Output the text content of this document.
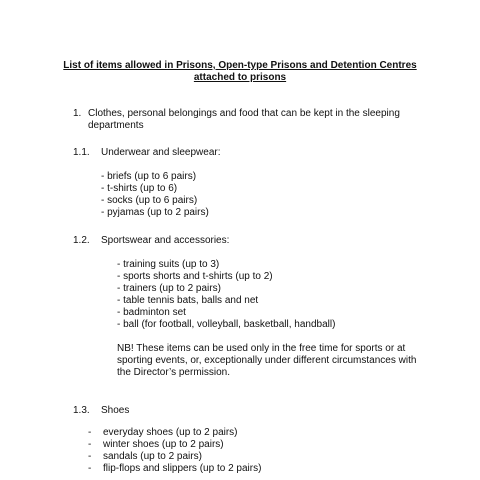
List of items allowed in Prisons, Open-type Prisons and Detention Centres
attached to prisons
1. Clothes, personal belongings and food that can be kept in the sleeping
departments
1.1. Underwear and sleepwear:
- briefs (up to 6 pairs)
- t-shirts (up to 6)
- socks (up to 6 pairs)
- pyjamas (up to 2 pairs)
1.2. Sportswear and accessories:
- training suits (up to 3)
- sports shorts and t-shirts (up to 2)
- trainers (up to 2 pairs)
- table tennis bats, balls and net
- badminton set
- ball (for football, volleyball, basketball, handball)
NB! These items can be used only in the free time for sports or at
sporting events, or, exceptionally under different circumstances with
the Director’s permission.
1.3. Shoes
- everyday shoes (up to 2 pairs)
- winter shoes (up to 2 pairs)
- sandals (up to 2 pairs)
- flip-flops and slippers (up to 2 pairs)
